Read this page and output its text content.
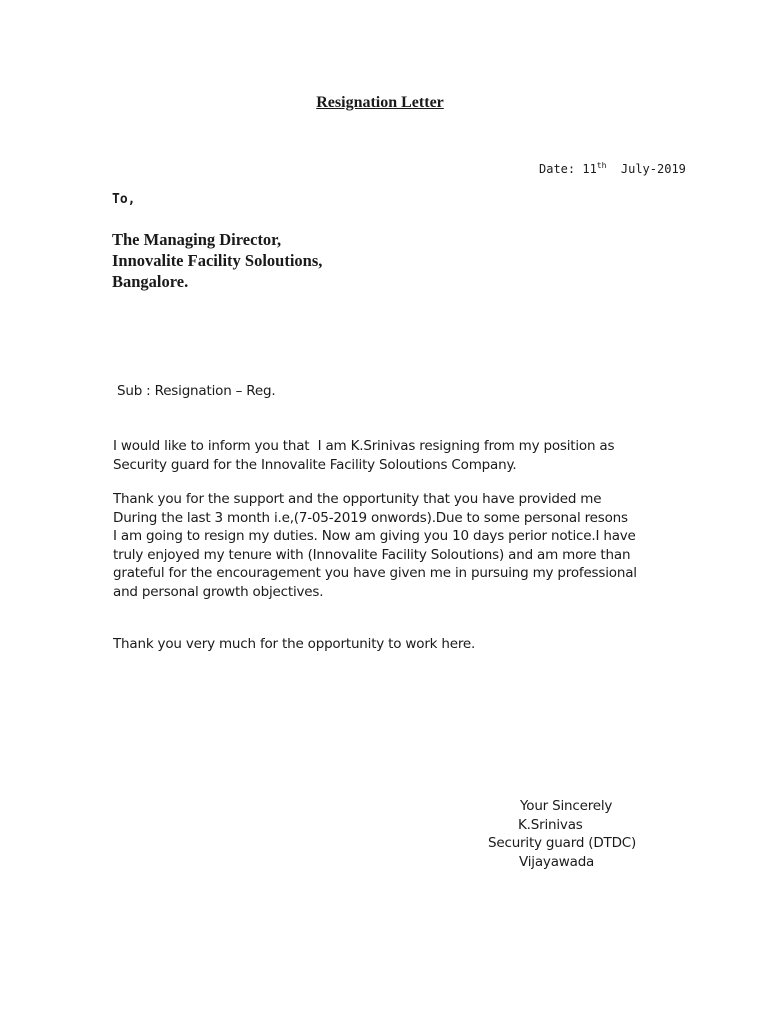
Resignation Letter
Date: 11th  July-2019
To,
The Managing Director,
Innovalite Facility Soloutions,
Bangalore.
Sub : Resignation – Reg.
I would like to inform you that  I am K.Srinivas resigning from my position as
Security guard for the Innovalite Facility Soloutions Company.
Thank you for the support and the opportunity that you have provided me
During the last 3 month i.e,(7-05-2019 onwords).Due to some personal resons
I am going to resign my duties. Now am giving you 10 days perior notice.I have
truly enjoyed my tenure with (Innovalite Facility Soloutions) and am more than
grateful for the encouragement you have given me in pursuing my professional
and personal growth objectives.
Thank you very much for the opportunity to work here.
Your Sincerely
K.Srinivas
Security guard (DTDC)
Vijayawada
